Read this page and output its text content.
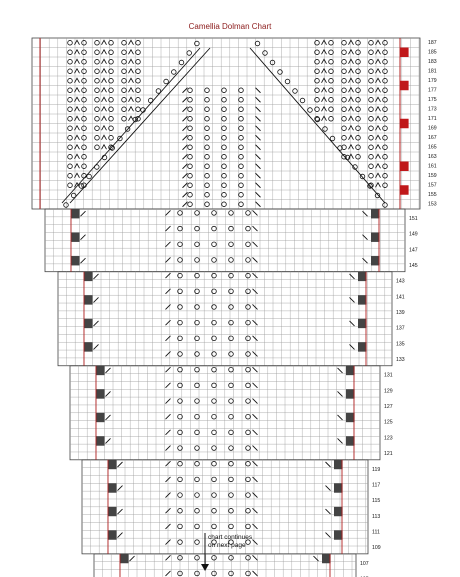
Camellia Dolman Chart
187
185
183
181
179
177
175
173
171
169
167
165
163
161
159
157
155
153
151
149
147
145
143
141
139
137
135
133
131
129
127
125
123
121
119
117
115
113
111
109
107
chart continues
on next page
